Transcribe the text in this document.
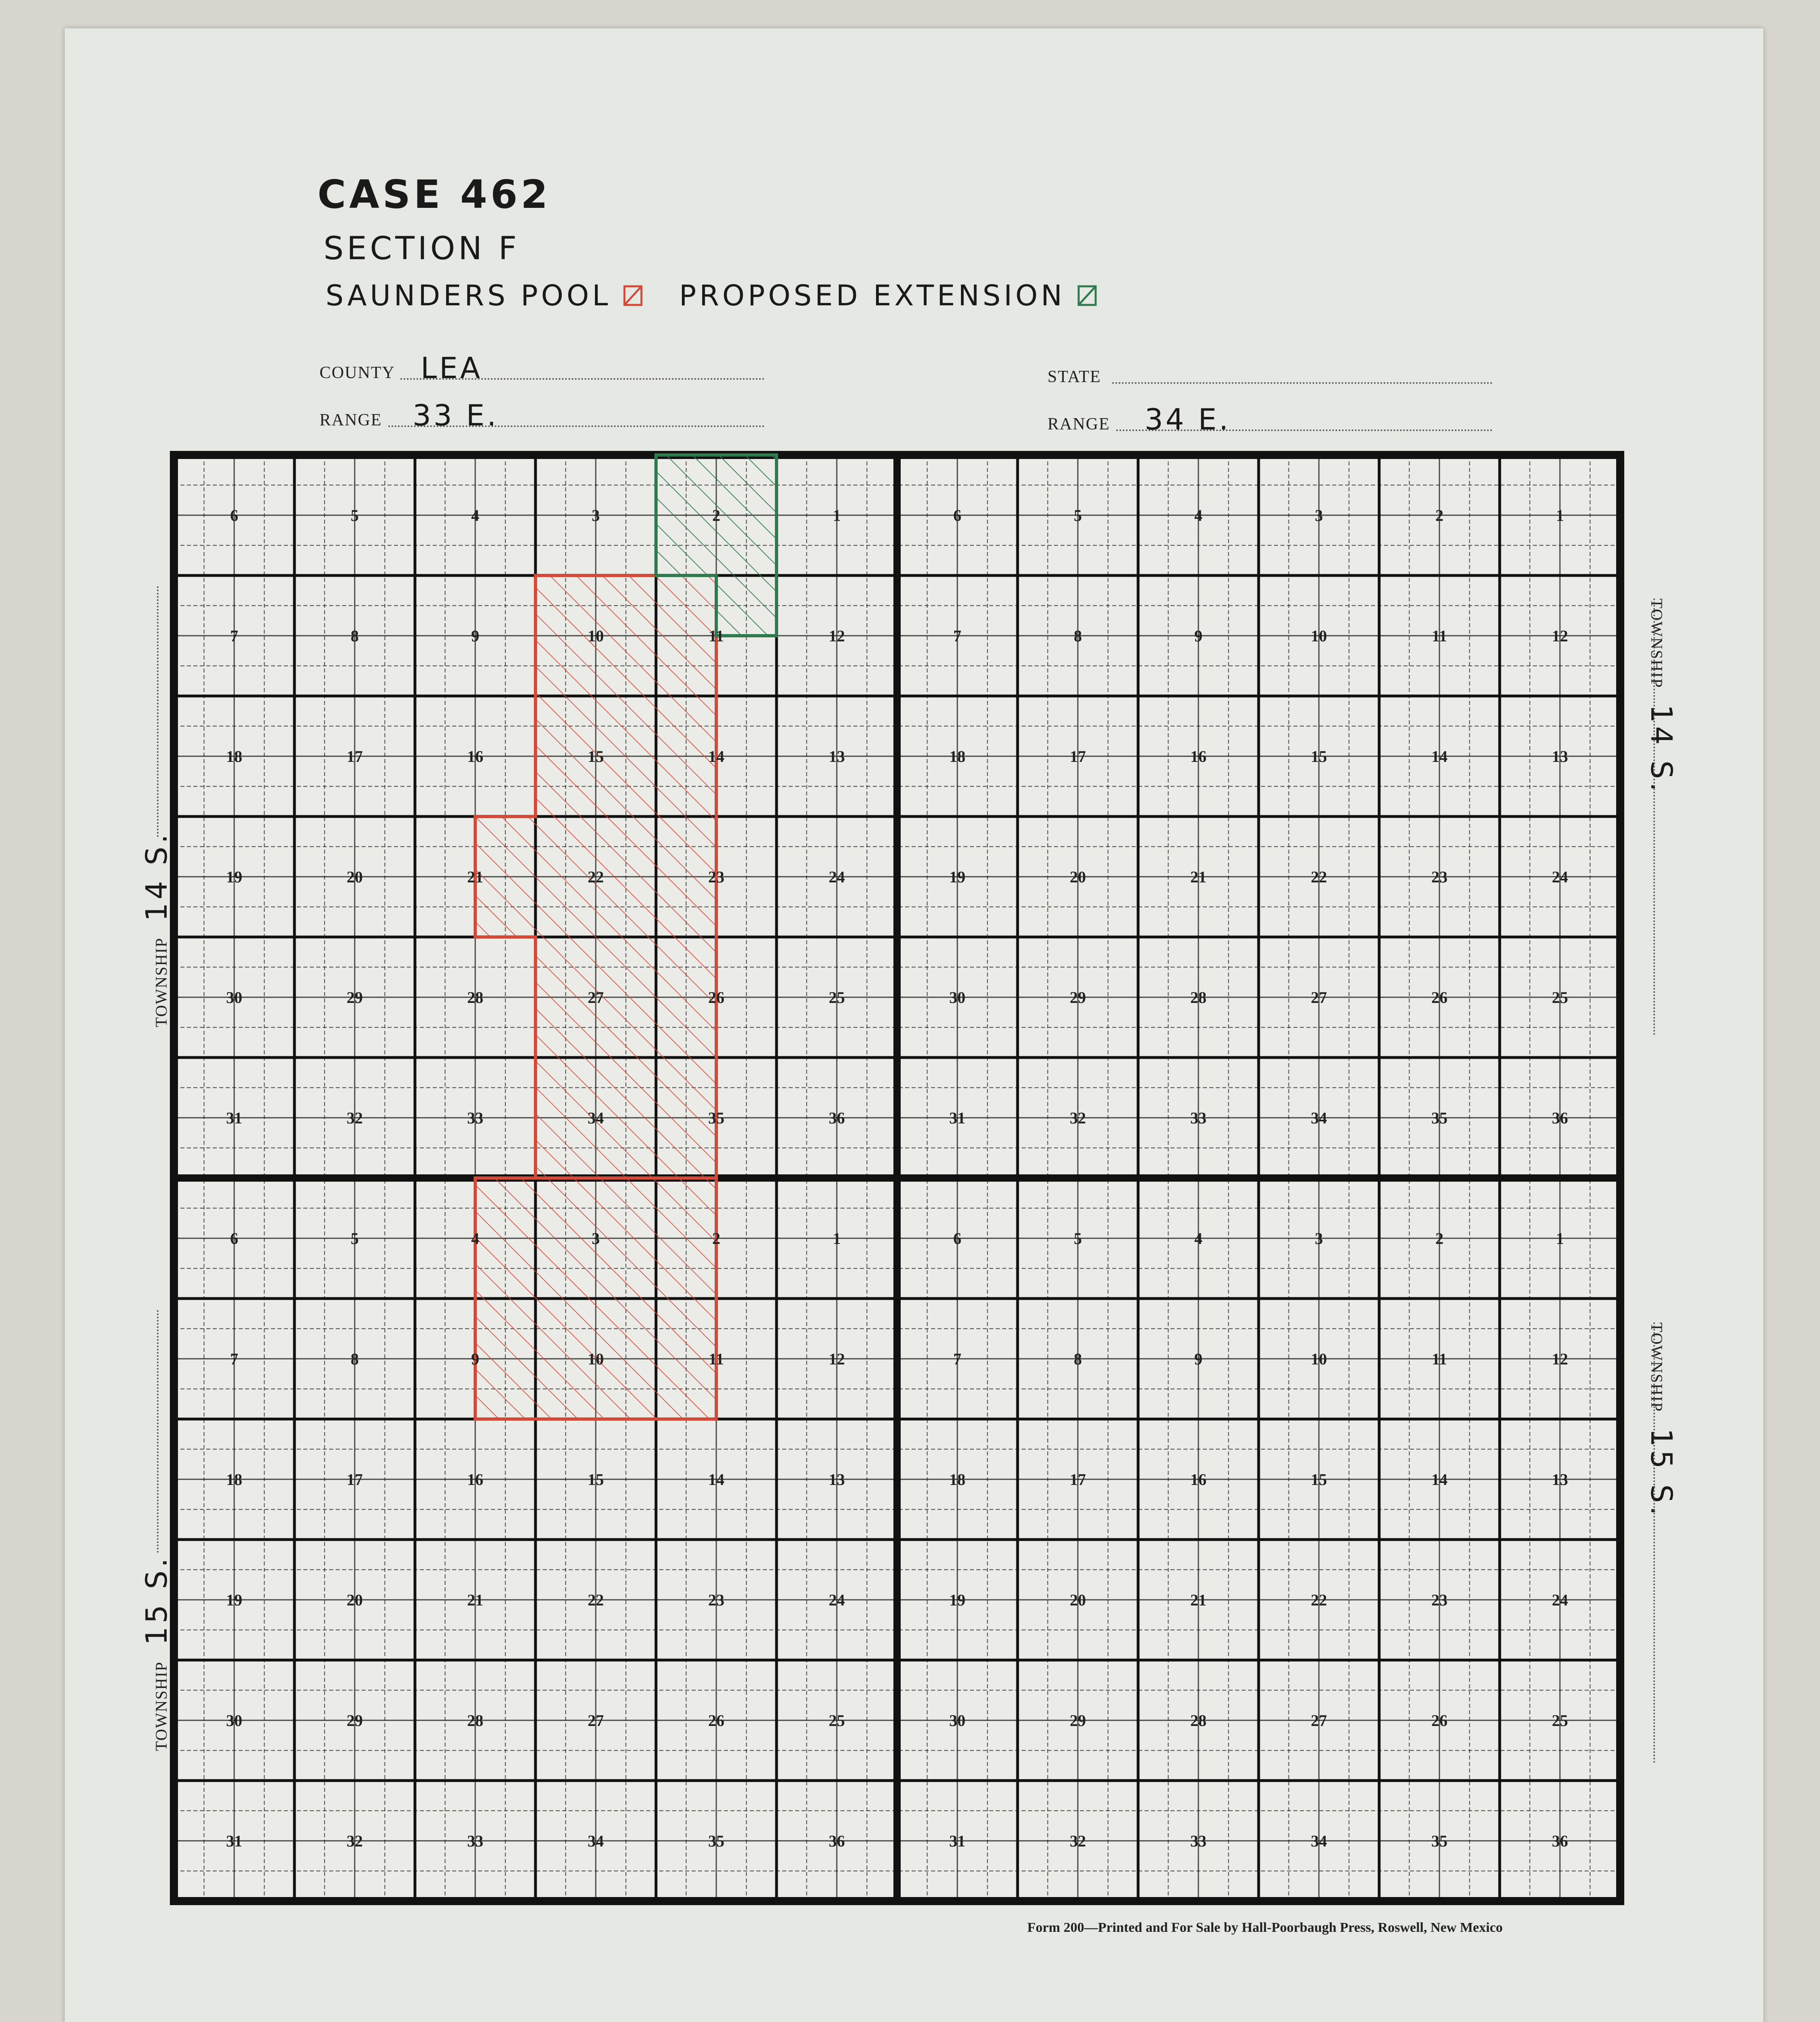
CASE 462
SECTION F
SAUNDERS POOL PROPOSED EXTENSION
COUNTY LEA	STATE
RANGE 33 E.	RANGE 34 E.
TOWNSHIP
14 S.
TOWNSHIP
15 S.
TOWNSHIP
14 S.
TOWNSHIP
15 S.
6	5	4	3	2	1
7	8	9	10	11	12
18	17	16	15	14	13
19	20	21	22	23	24
30	29	28	27	26	25
31	32	33	34	35	36
6	5	4	3	2	1
7	8	9	10	11	12
18	17	16	15	14	13
19	20	21	22	23	24
30	29	28	27	26	25
31	32	33	34	35	36
6	5	4	3	2	1
7	8	9	10	11	12
18	17	16	15	14	13
19	20	21	22	23	24
30	29	28	27	26	25
31	32	33	34	35	36
6	5	4	3	2	1
7	8	9	10	11	12
18	17	16	15	14	13
19	20	21	22	23	24
30	29	28	27	26	25
31	32	33	34	35	36
Form 200—Printed and For Sale by Hall-Poorbaugh Press, Roswell, New Mexico
